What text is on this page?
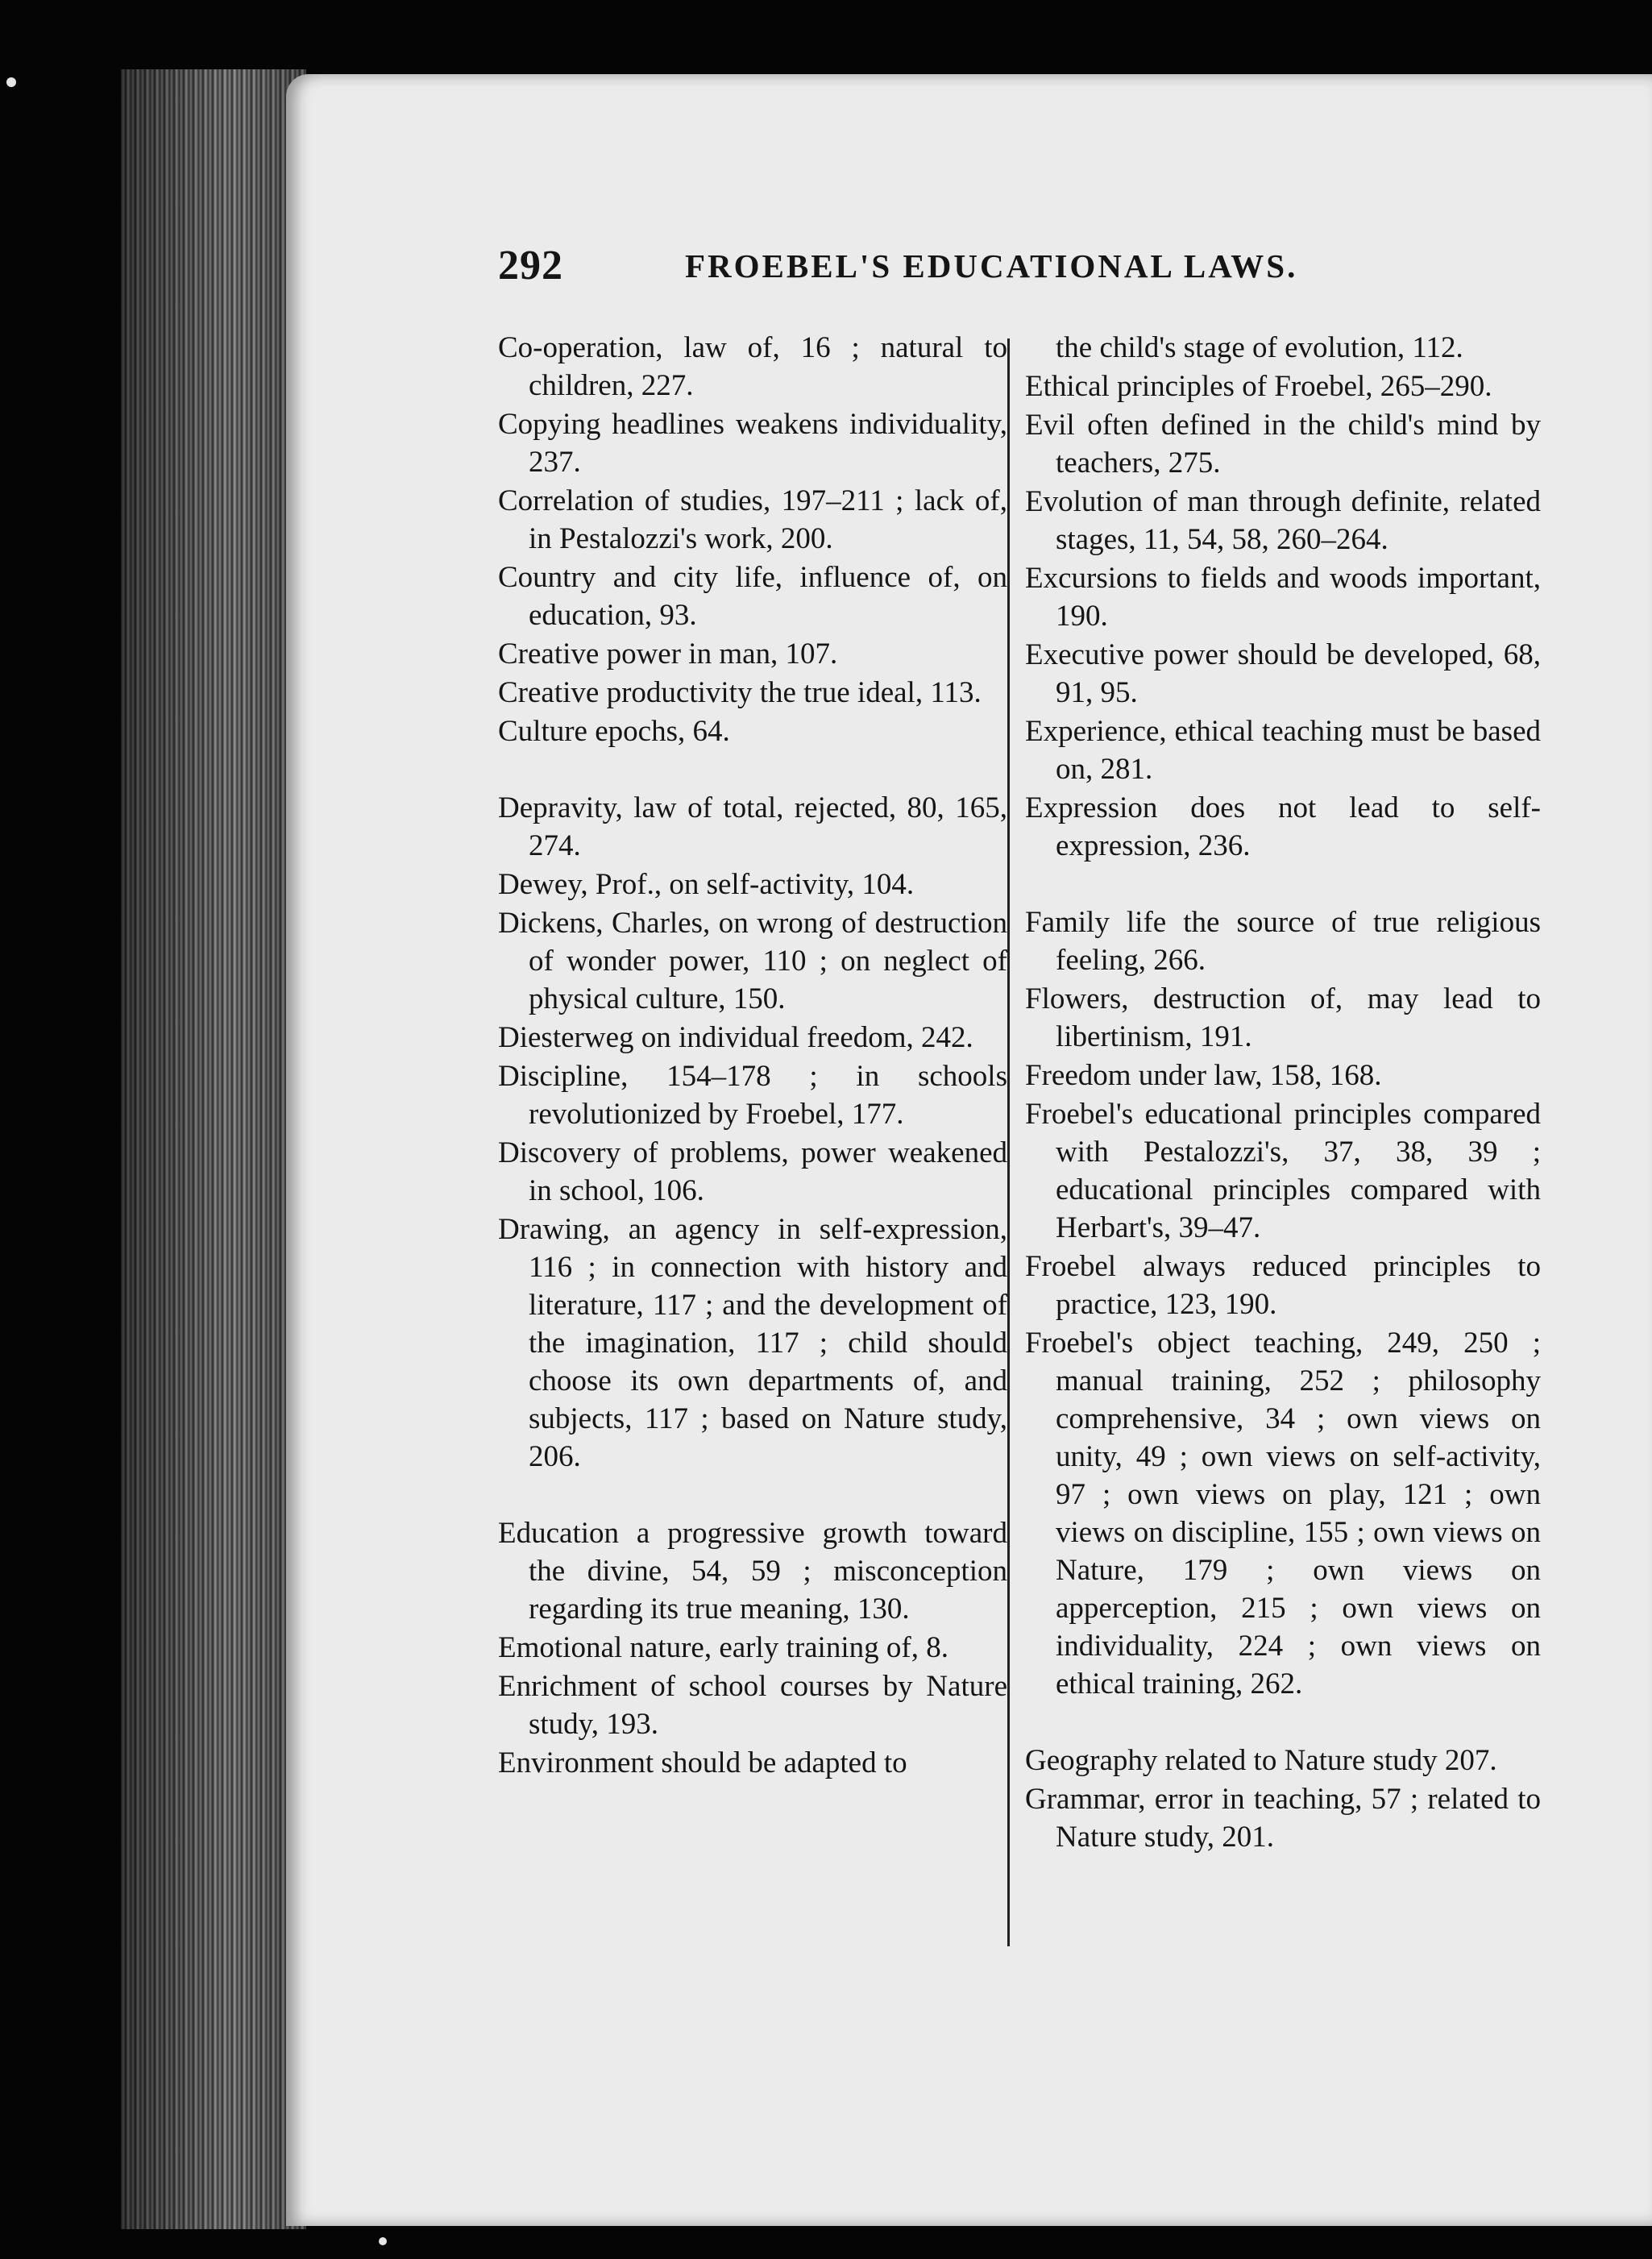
292	FROEBEL'S EDUCATIONAL LAWS.

Co-operation, law of, 16 ; natural to children, 227.

Copying headlines weakens individuality, 237.

Correlation of studies, 197–211 ; lack of, in Pestalozzi's work, 200.

Country and city life, influence of, on education, 93.

Creative power in man, 107.

Creative productivity the true ideal, 113.

Culture epochs, 64.

Depravity, law of total, rejected, 80, 165, 274.

Dewey, Prof., on self-activity, 104.

Dickens, Charles, on wrong of destruction of wonder power, 110 ; on neglect of physical culture, 150.

Diesterweg on individual freedom, 242.

Discipline, 154–178 ; in schools revolutionized by Froebel, 177.

Discovery of problems, power weakened in school, 106.

Drawing, an agency in self-expression, 116 ; in connection with history and literature, 117 ; and the development of the imagination, 117 ; child should choose its own departments of, and subjects, 117 ; based on Nature study, 206.

Education a progressive growth toward the divine, 54, 59 ; misconception regarding its true meaning, 130.

Emotional nature, early training of, 8.

Enrichment of school courses by Nature study, 193.

Environment should be adapted to

the child's stage of evolution, 112.

Ethical principles of Froebel, 265–290.

Evil often defined in the child's mind by teachers, 275.

Evolution of man through definite, related stages, 11, 54, 58, 260–264.

Excursions to fields and woods important, 190.

Executive power should be developed, 68, 91, 95.

Experience, ethical teaching must be based on, 281.

Expression does not lead to self-expression, 236.

Family life the source of true religious feeling, 266.

Flowers, destruction of, may lead to libertinism, 191.

Freedom under law, 158, 168.

Froebel's educational principles compared with Pestalozzi's, 37, 38, 39 ; educational principles compared with Herbart's, 39–47.

Froebel always reduced principles to practice, 123, 190.

Froebel's object teaching, 249, 250 ; manual training, 252 ; philosophy comprehensive, 34 ; own views on unity, 49 ; own views on self-activity, 97 ; own views on play, 121 ; own views on discipline, 155 ; own views on Nature, 179 ; own views on apperception, 215 ; own views on individuality, 224 ; own views on ethical training, 262.

Geography related to Nature study 207.

Grammar, error in teaching, 57 ; related to Nature study, 201.
